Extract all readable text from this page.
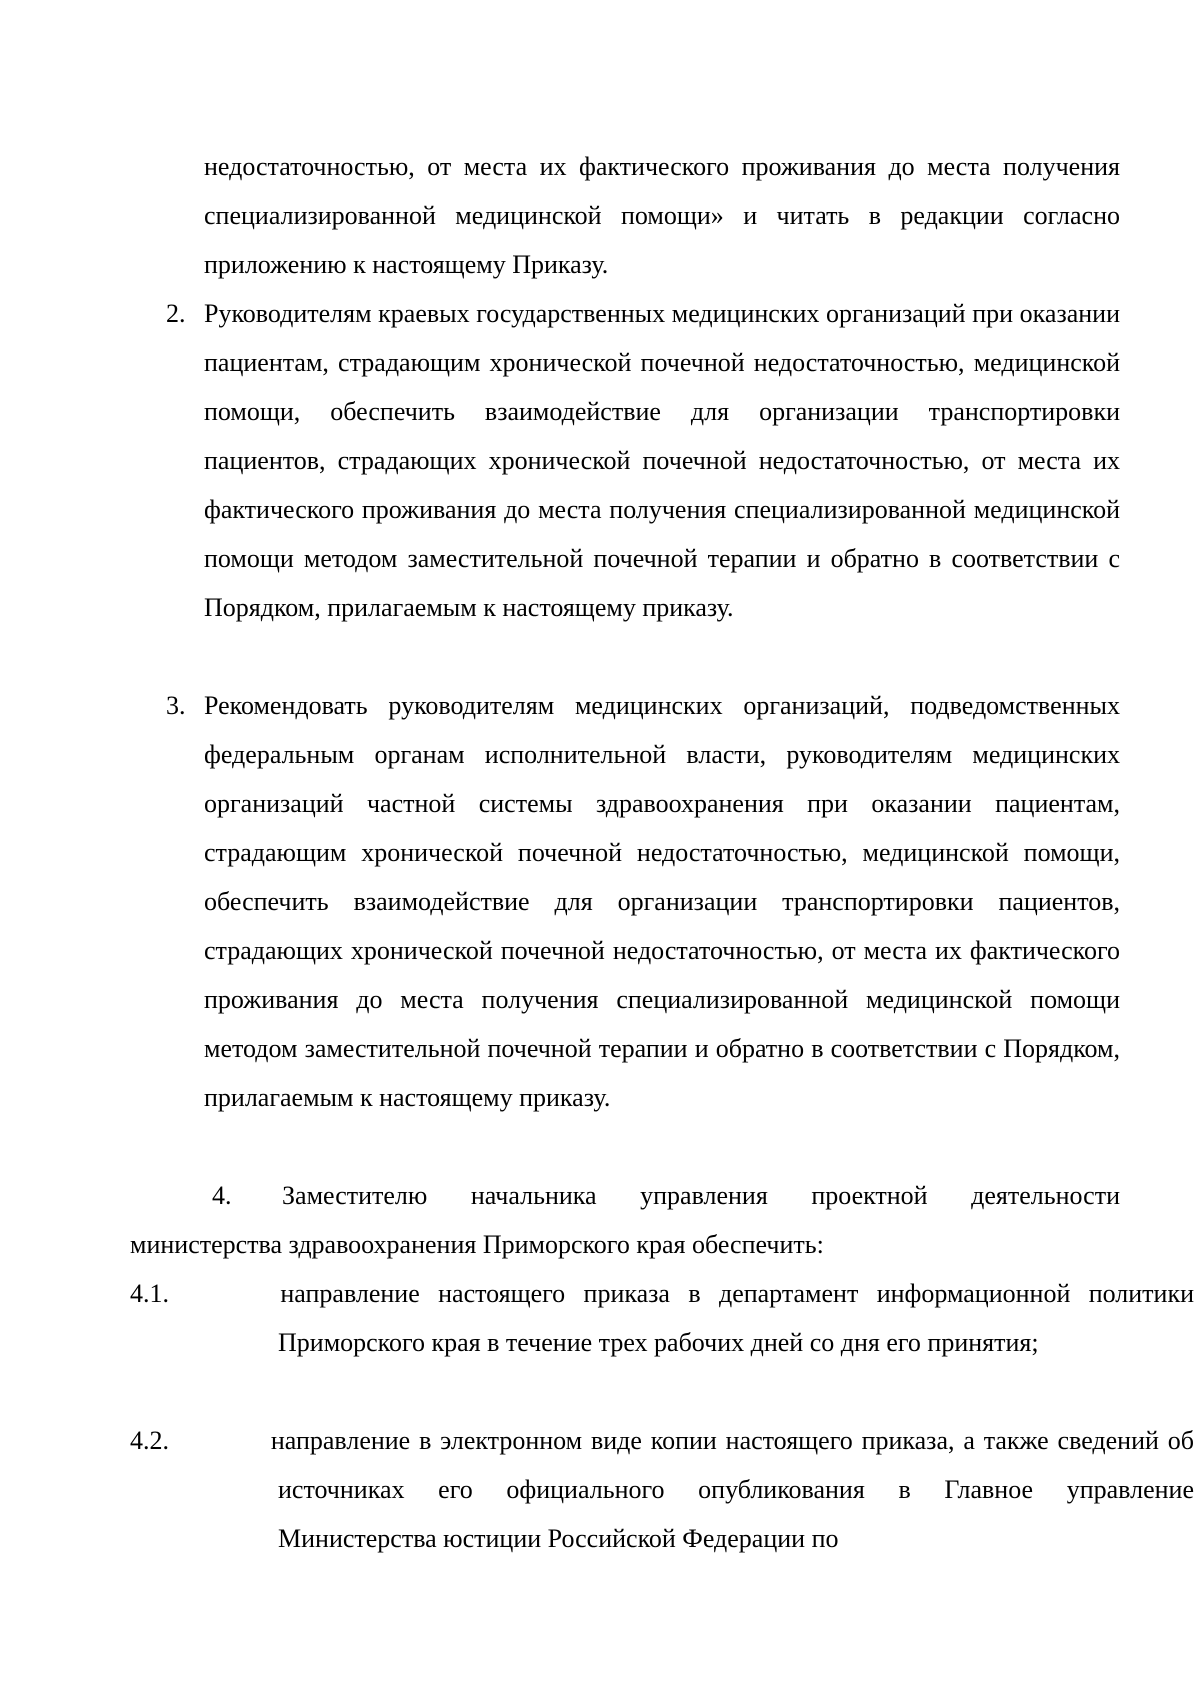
недостаточностью, от места их фактического проживания до места получения специализированной медицинской помощи» и читать в редакции согласно приложению к настоящему Приказу.

2. Руководителям краевых государственных медицинских организаций при оказании пациентам, страдающим хронической почечной недостаточностью, медицинской помощи, обеспечить взаимодействие для организации транспортировки пациентов, страдающих хронической почечной недостаточностью, от места их фактического проживания до места получения специализированной медицинской помощи методом заместительной почечной терапии и обратно в соответствии с Порядком, прилагаемым к настоящему приказу.
3. Рекомендовать руководителям медицинских организаций, подведомственных федеральным органам исполнительной власти, руководителям медицинских организаций частной системы здравоохранения при оказании пациентам, страдающим хронической почечной недостаточностью, медицинской помощи, обеспечить взаимодействие для организации транспортировки пациентов, страдающих хронической почечной недостаточностью, от места их фактического проживания до места получения специализированной медицинской помощи методом заместительной почечной терапии и обратно в соответствии с Порядком, прилагаемым к настоящему приказу.
4. Заместителю начальника управления проектной деятельности министерства здравоохранения Приморского края обеспечить:
4.1.	направление настоящего приказа в департамент информационной политики Приморского края в течение трех рабочих дней со дня его принятия;
4.2.	направление в электронном виде копии настоящего приказа, а также сведений об источниках его официального опубликования в Главное управление Министерства юстиции Российской Федерации по
